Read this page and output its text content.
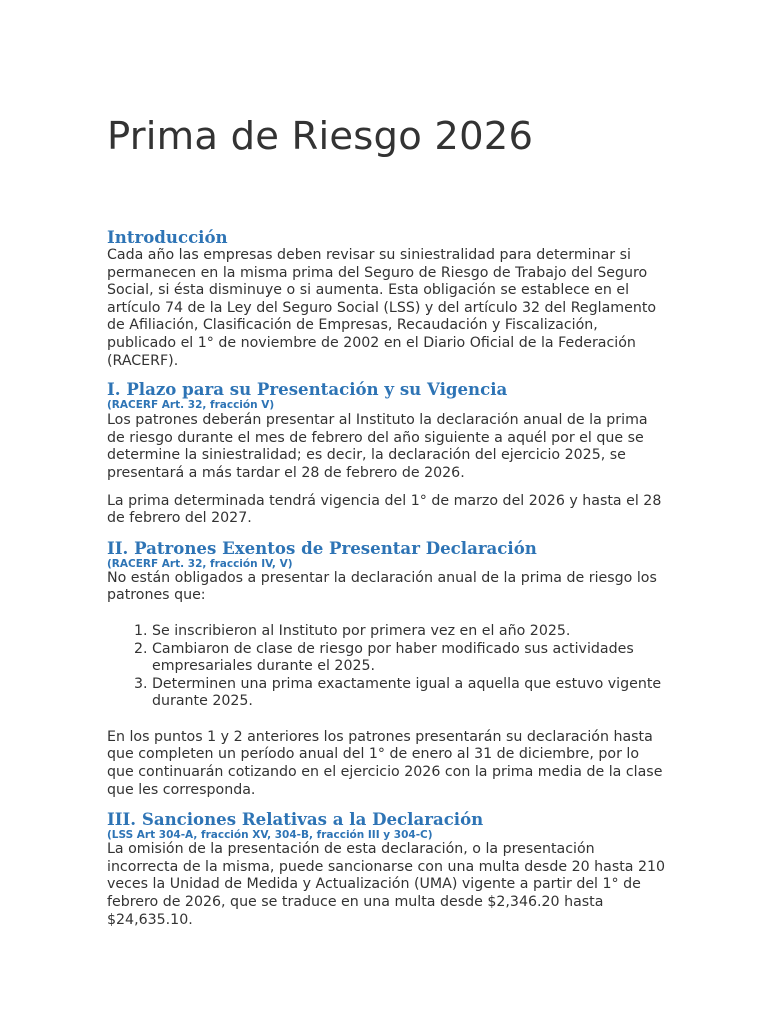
Prima de Riesgo 2026
Introducción

Cada año las empresas deben revisar su siniestralidad para determinar si permanecen en la misma prima del Seguro de Riesgo de Trabajo del Seguro Social, si ésta disminuye o si aumenta. Esta obligación se establece en el artículo 74 de la Ley del Seguro Social (LSS) y del artículo 32 del Reglamento de Afiliación, Clasificación de Empresas, Recaudación y Fiscalización, publicado el 1° de noviembre de 2002 en el Diario Oficial de la Federación (RACERF).

I. Plazo para su Presentación y su Vigencia
(RACERF Art. 32, fracción V)

Los patrones deberán presentar al Instituto la declaración anual de la prima de riesgo durante el mes de febrero del año siguiente a aquél por el que se determine la siniestralidad; es decir, la declaración del ejercicio 2025, se presentará a más tardar el 28 de febrero de 2026.

La prima determinada tendrá vigencia del 1° de marzo del 2026 y hasta el 28 de febrero del 2027.

II. Patrones Exentos de Presentar Declaración
(RACERF Art. 32, fracción IV, V)

No están obligados a presentar la declaración anual de la prima de riesgo los patrones que:

1. Se inscribieron al Instituto por primera vez en el año 2025.
2. Cambiaron de clase de riesgo por haber modificado sus actividades empresariales durante el 2025.
3. Determinen una prima exactamente igual a aquella que estuvo vigente durante 2025.

En los puntos 1 y 2 anteriores los patrones presentarán su declaración hasta que completen un período anual del 1° de enero al 31 de diciembre, por lo que continuarán cotizando en el ejercicio 2026 con la prima media de la clase que les corresponda.

III. Sanciones Relativas a la Declaración
(LSS Art 304-A, fracción XV, 304-B, fracción III y 304-C)

La omisión de la presentación de esta declaración, o la presentación incorrecta de la misma, puede sancionarse con una multa desde 20 hasta 210 veces la Unidad de Medida y Actualización (UMA) vigente a partir del 1° de febrero de 2026, que se traduce en una multa desde $2,346.20 hasta $24,635.10.
